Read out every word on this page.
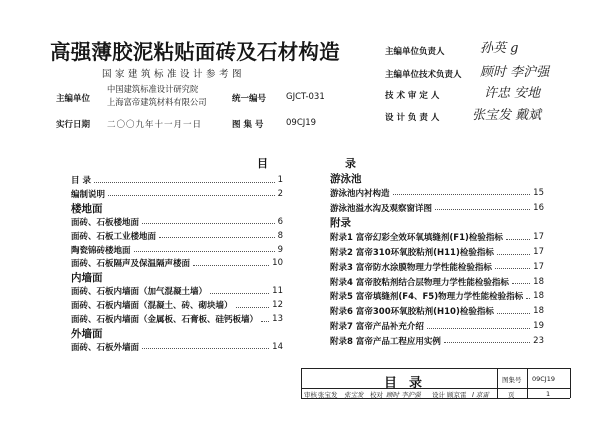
高强薄胶泥粘贴面砖及石材构造
国家建筑标准设计参考图
主编单位
中国建筑标准设计研究院
上海富帝建筑材料有限公司	统一编号 GJCT-031
实行日期 二〇〇九年十一月一日	图 集 号	09CJ19
主编单位负责人	孙英 g
主编单位技术负责人 顾时 李沪强
技 术 审 定 人	许忠 安地
设 计 负 责 人	张宝发 戴斌
目	录
目 录	1
编制说明	2
楼地面
面砖、石板楼地面	6
面砖、石板工业楼地面	8
陶瓷锦砖楼地面	9
面砖、石板隔声及保温隔声楼面	10
内墙面
面砖、石板内墙面（加气混凝土墙）	11
面砖、石板内墙面（混凝土、砖、砌块墙）	12
面砖、石板内墙面（金属板、石膏板、硅钙板墙） 13
外墙面
面砖、石板外墙面	14
游泳池
游泳池内衬构造	15
游泳池溢水沟及观察窗详图	16
附录
附录1 富帝幻彩全效环氧填缝剂(F1)检验指标	17
附录2 富帝310环氧胶粘剂(H11)检验指标	17
附录3 富帝防水涂膜物理力学性能检验指标	17
附录4 富帝胶粘剂结合层物理力学性能检验指标	18
附录5 富帝填缝剂(F4、F5)物理力学性能检验指标 18
附录6 富帝300环氧胶粘剂(H10)检验指标	18
附录7 富帝产品补充介绍	19
附录8 富帝产品工程应用实例	23
目录	图集号 09CJ19
审核 张宝发 张宝发 校对 顾时 李沪强 设计 顾京雷 l 京雷	页	1
